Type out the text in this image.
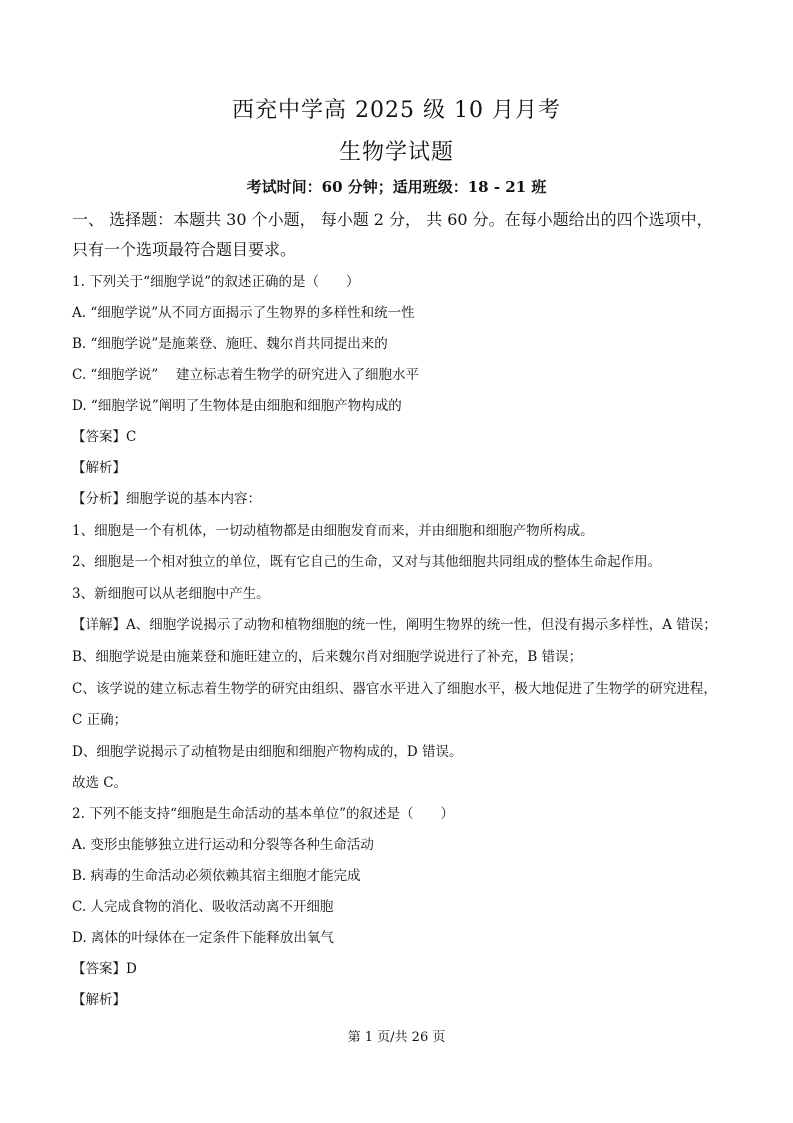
西充中学高 2025 级 10 月月考
生物学试题
考试时间：60 分钟；适用班级：18 - 21 班
一、 选择题：本题共 30 个小题， 每小题 2 分， 共 60 分。在每小题给出的四个选项中， 只有一个选项最符合题目要求。
1. 下列关于“细胞学说”的叙述正确的是（　　）
A. “细胞学说”从不同方面揭示了生物界的多样性和统一性
B. “细胞学说”是施莱登、施旺、魏尔肖共同提出来的
C. “细胞学说”　 建立标志着生物学的研究进入了细胞水平
D. “细胞学说”阐明了生物体是由细胞和细胞产物构成的
【答案】C
【解析】
【分析】细胞学说的基本内容：
1、细胞是一个有机体，一切动植物都是由细胞发育而来，并由细胞和细胞产物所构成。
2、细胞是一个相对独立的单位，既有它自己的生命，又对与其他细胞共同组成的整体生命起作用。
3、新细胞可以从老细胞中产生。
【详解】A、细胞学说揭示了动物和植物细胞的统一性，阐明生物界的统一性，但没有揭示多样性，A 错误；
B、细胞学说是由施莱登和施旺建立的，后来魏尔肖对细胞学说进行了补充，B 错误；
C、该学说的建立标志着生物学的研究由组织、器官水平进入了细胞水平，极大地促进了生物学的研究进程，
C 正确；
D、细胞学说揭示了动植物是由细胞和细胞产物构成的，D 错误。
故选 C。
2. 下列不能支持“细胞是生命活动的基本单位”的叙述是（　　）
A. 变形虫能够独立进行运动和分裂等各种生命活动
B. 病毒的生命活动必须依赖其宿主细胞才能完成
C. 人完成食物的消化、吸收活动离不开细胞
D. 离体的叶绿体在一定条件下能释放出氧气
【答案】D
【解析】
第 1 页/共 26 页
